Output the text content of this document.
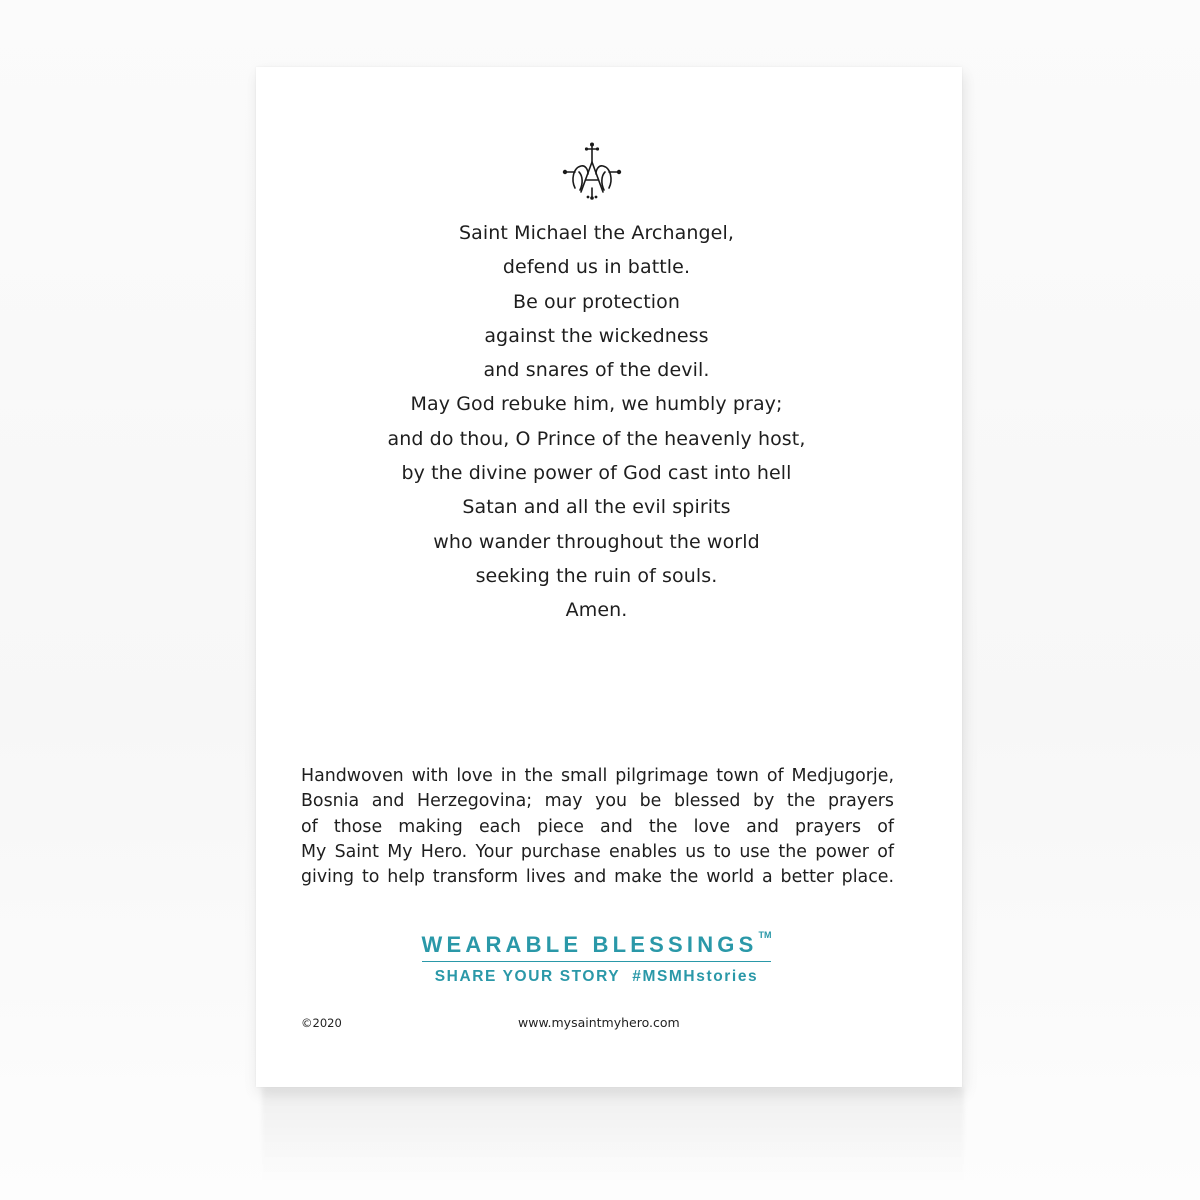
Saint Michael the Archangel,
defend us in battle.
Be our protection
against the wickedness
and snares of the devil.
May God rebuke him, we humbly pray;
and do thou, O Prince of the heavenly host,
by the divine power of God cast into hell
Satan and all the evil spirits
who wander throughout the world
seeking the ruin of souls.
Amen.
Handwoven with love in the small pilgrimage town of Medjugorje,
Bosnia and Herzegovina; may you be blessed by the prayers
of those making each piece and the love and prayers of
My Saint My Hero. Your purchase enables us to use the power of
giving to help transform lives and make the world a better place.
WEARABLE BLESSINGS™
SHARE YOUR STORY #MSMHstories
©2020	www.mysaintmyhero.com
